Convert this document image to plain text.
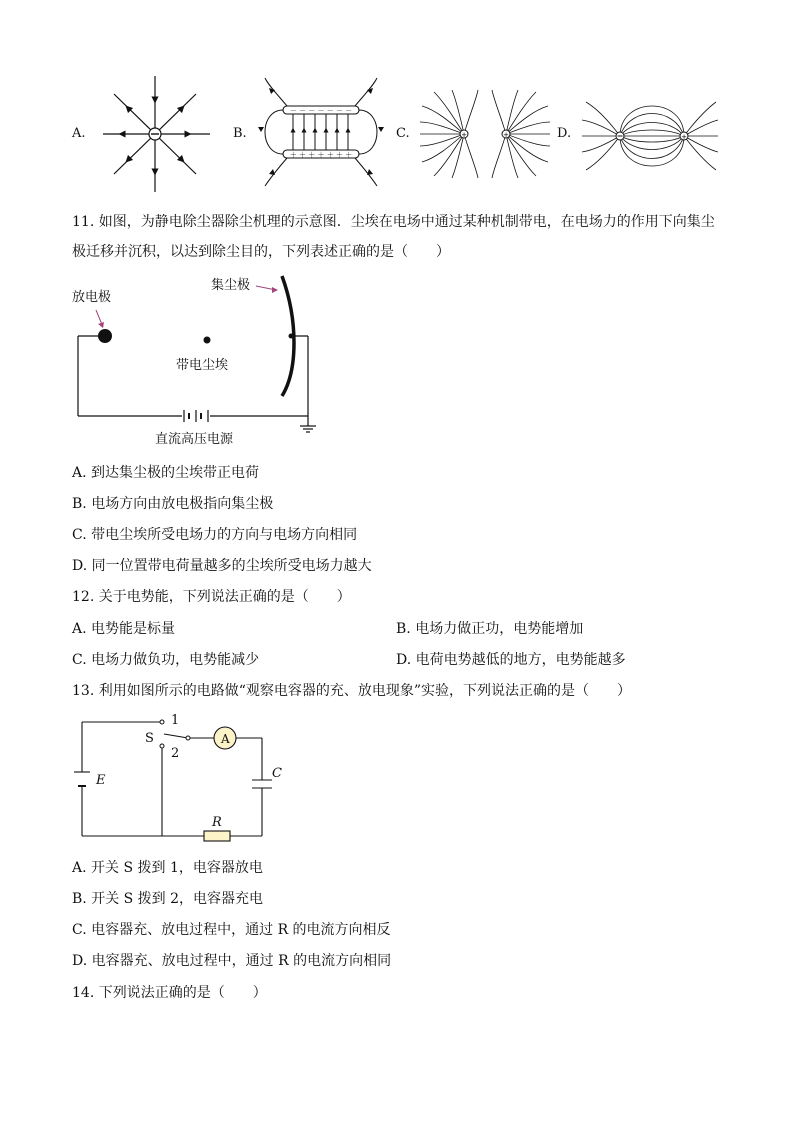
A.	B.
－ － － － － － －
＋ ＋ ＋ ＋ ＋ ＋ ＋
C.	+	+	D.	+
11. 如图，为静电除尘器除尘机理的示意图．尘埃在电场中通过某种机制带电，在电场力的作用下向集尘
极迁移并沉积，以达到除尘目的，下列表述正确的是（　　）
集尘极
放电极
带电尘埃
直流高压电源
A. 到达集尘极的尘埃带正电荷
B. 电场方向由放电极指向集尘极
C. 带电尘埃所受电场力的方向与电场方向相同
D. 同一位置带电荷量越多的尘埃所受电场力越大
12. 关于电势能，下列说法正确的是（　　）
A. 电势能是标量	B. 电场力做正功，电势能增加
C. 电场力做负功，电势能减少	D. 电荷电势越低的地方，电势能越多
13. 利用如图所示的电路做“观察电容器的充、放电现象”实验，下列说法正确的是（　　）
1
S
2
A
E	C
R
A. 开关 S 拨到 1，电容器放电
B. 开关 S 拨到 2，电容器充电
C. 电容器充、放电过程中，通过 R 的电流方向相反
D. 电容器充、放电过程中，通过 R 的电流方向相同
14. 下列说法正确的是（　　）
